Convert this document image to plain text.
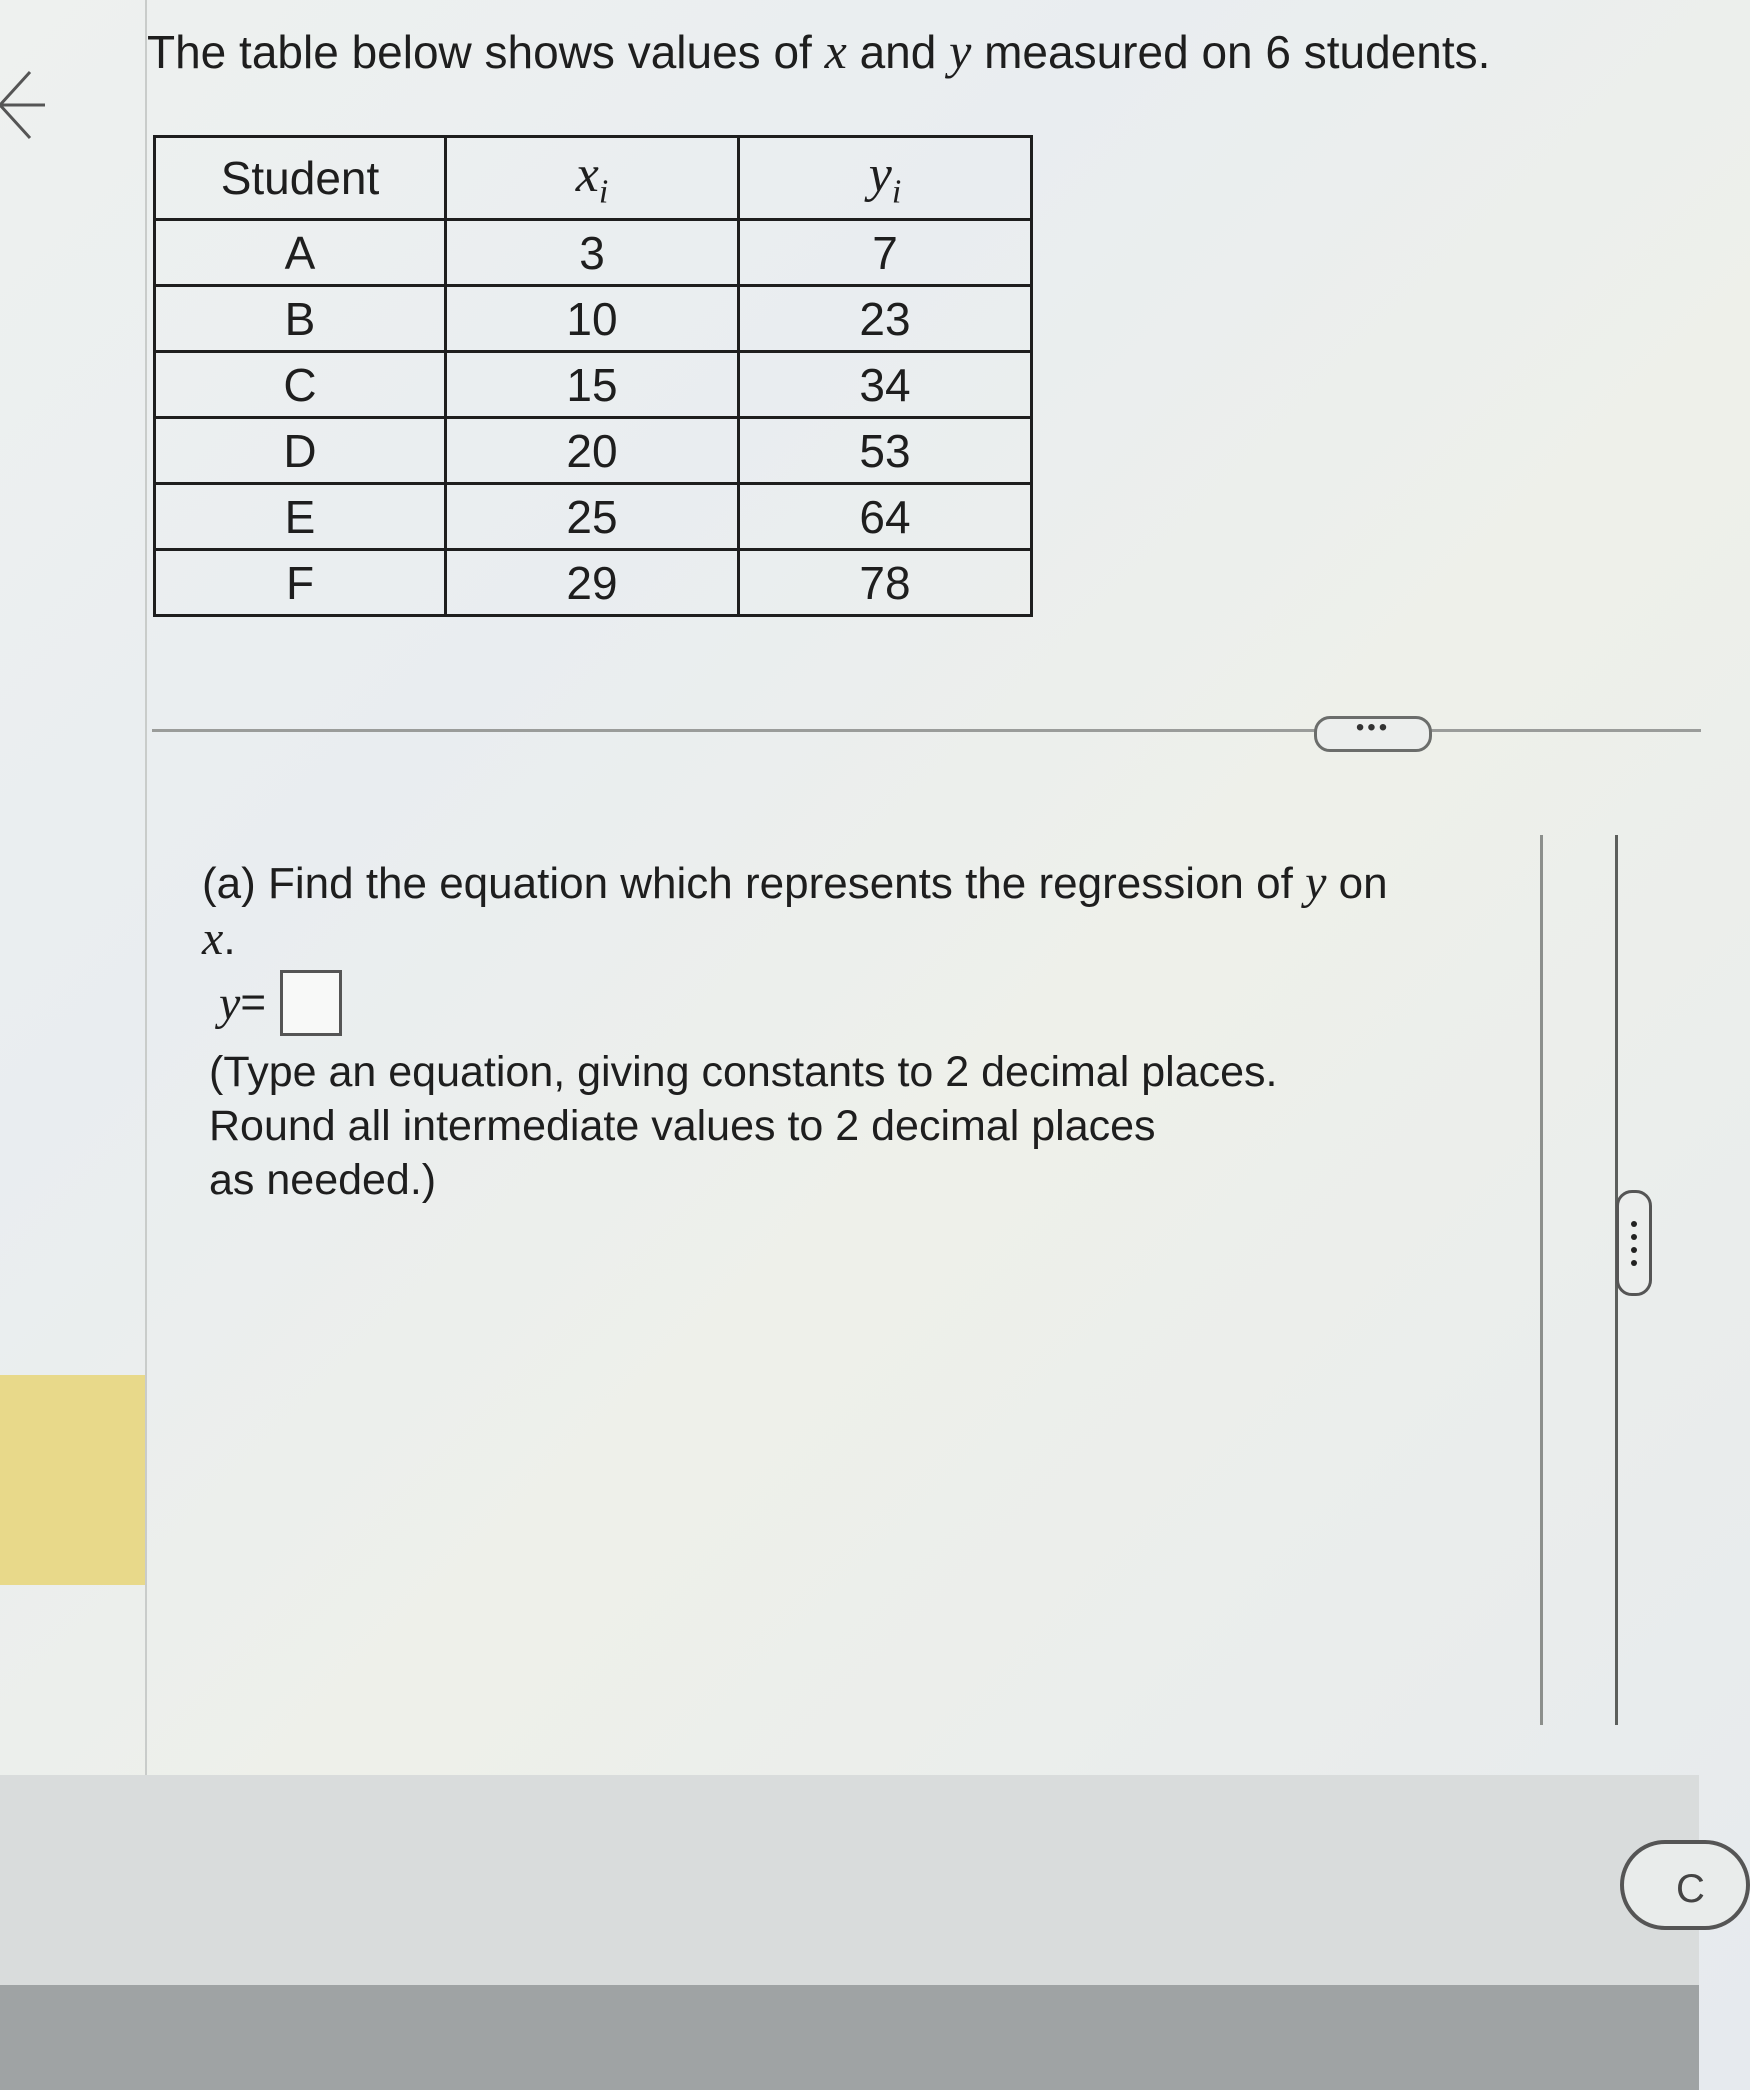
The table below shows values of x and y measured on 6 students.
Student	$x_i$	$y_i$
A	3	7
B	10	23
C	15	34
D	20	53
E	25	64
F	29	78
•••
(a) Find the equation which represents the regression of y on x.
y =
(Type an equation, giving constants to 2 decimal places.
Round all intermediate values to 2 decimal places
as needed.)
C
